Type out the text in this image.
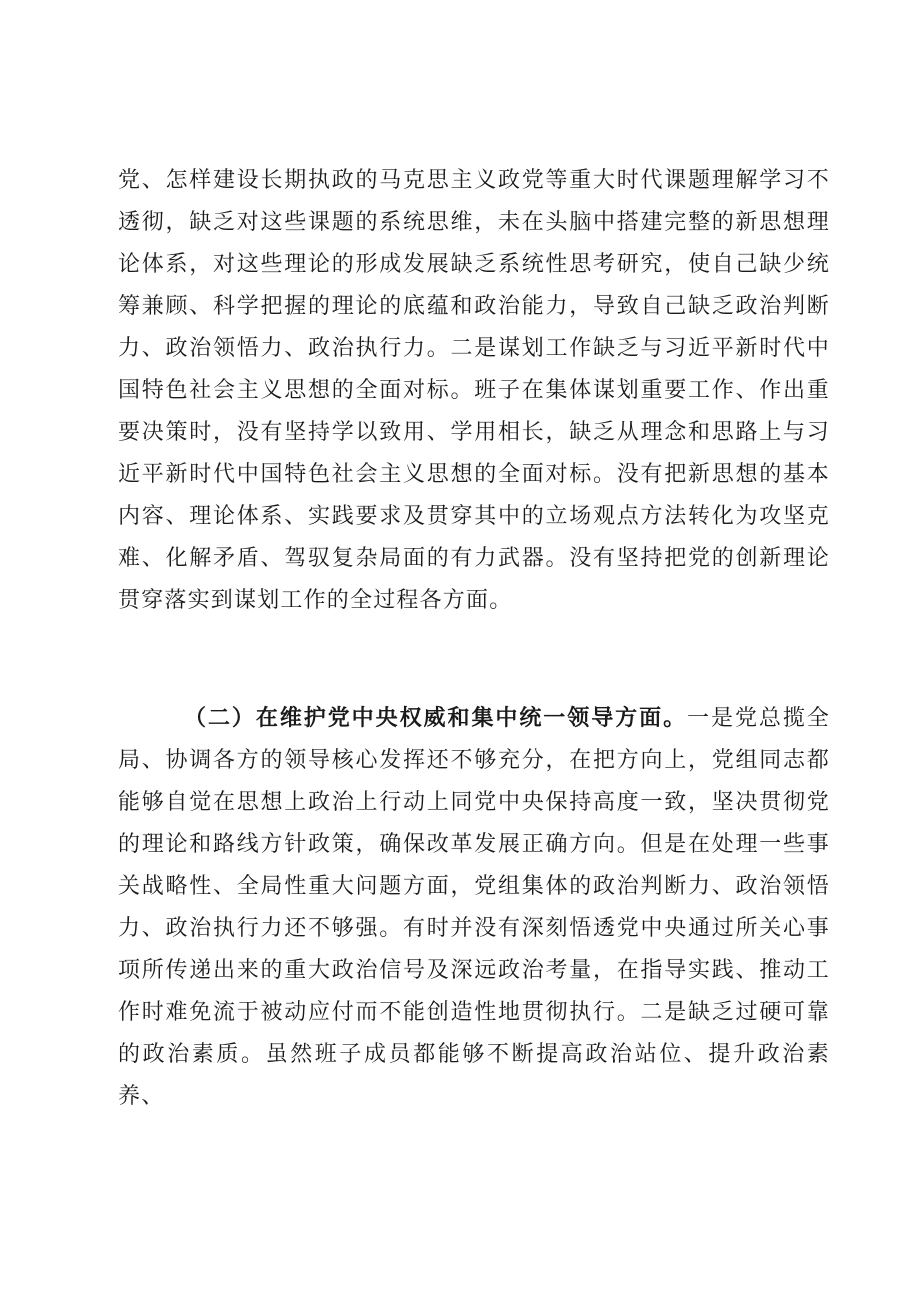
党、怎样建设长期执政的马克思主义政党等重大时代课题理解学习不透彻，缺乏对这些课题的系统思维，未在头脑中搭建完整的新思想理论体系，对这些理论的形成发展缺乏系统性思考研究，使自己缺少统筹兼顾、科学把握的理论的底蕴和政治能力，导致自己缺乏政治判断力、政治领悟力、政治执行力。二是谋划工作缺乏与习近平新时代中国特色社会主义思想的全面对标。班子在集体谋划重要工作、作出重要决策时，没有坚持学以致用、学用相长，缺乏从理念和思路上与习近平新时代中国特色社会主义思想的全面对标。没有把新思想的基本内容、理论体系、实践要求及贯穿其中的立场观点方法转化为攻坚克难、化解矛盾、驾驭复杂局面的有力武器。没有坚持把党的创新理论贯穿落实到谋划工作的全过程各方面。

（二）在维护党中央权威和集中统一领导方面。一是党总揽全局、协调各方的领导核心发挥还不够充分，在把方向上，党组同志都能够自觉在思想上政治上行动上同党中央保持高度一致，坚决贯彻党的理论和路线方针政策，确保改革发展正确方向。但是在处理一些事关战略性、全局性重大问题方面，党组集体的政治判断力、政治领悟力、政治执行力还不够强。有时并没有深刻悟透党中央通过所关心事项所传递出来的重大政治信号及深远政治考量，在指导实践、推动工作时难免流于被动应付而不能创造性地贯彻执行。二是缺乏过硬可靠的政治素质。虽然班子成员都能够不断提高政治站位、提升政治素养、
